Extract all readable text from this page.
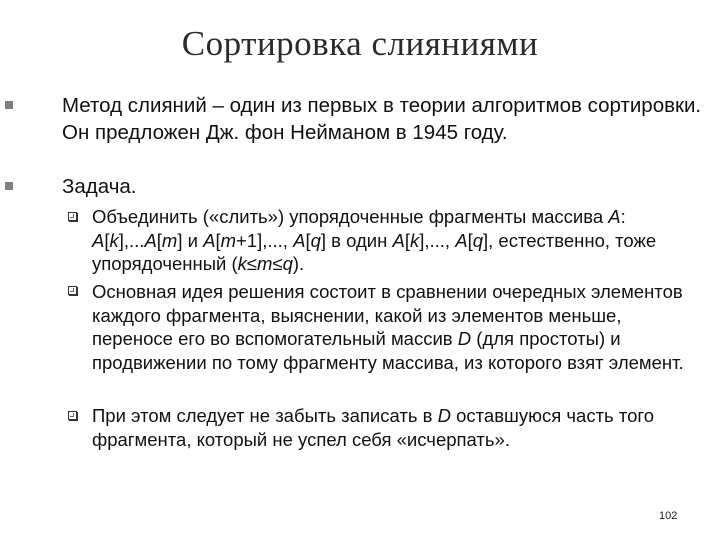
Сортировка слияниями
Метод слияний – один из первых в теории алгоритмов сортировки. Он предложен Дж. фон Нейманом в 1945 году.
Задача.
Объединить («слить») упорядоченные фрагменты массива A: A[k],...A[m] и A[m+1],..., A[q] в один A[k],..., A[q], естественно, тоже упорядоченный (k≤m≤q).
Основная идея решения состоит в сравнении очередных элементов каждого фрагмента, выяснении, какой из элементов меньше, переносе его во вспомогательный массив D (для простоты) и продвижении по тому фрагменту массива, из которого взят элемент.
При этом следует не забыть записать в D оставшуюся часть того фрагмента, который не успел себя «исчерпать».
102
